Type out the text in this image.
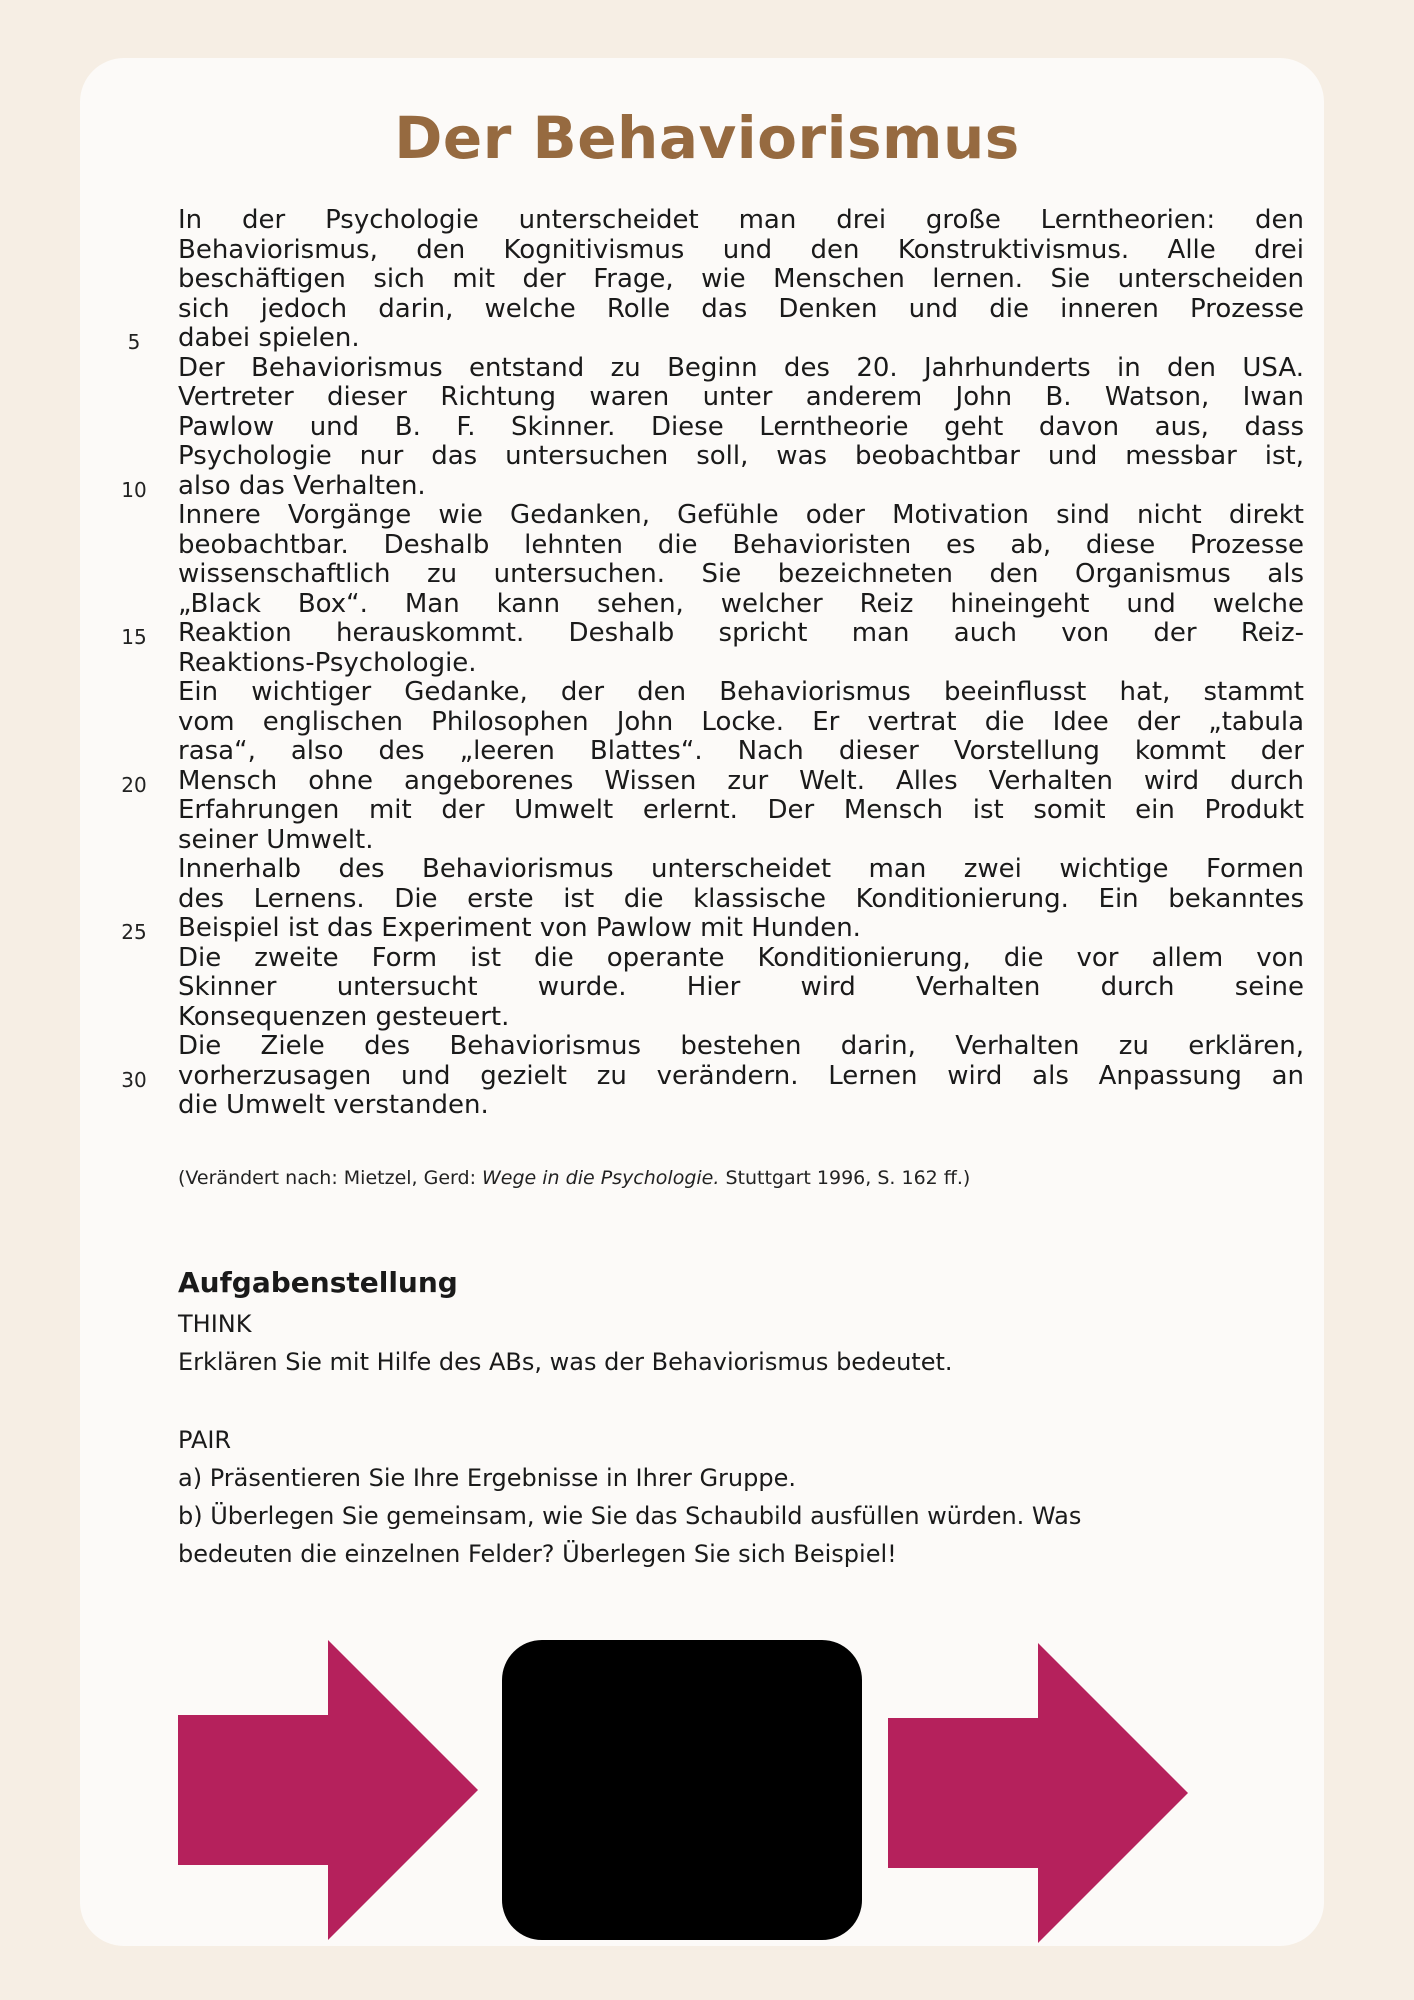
Der Behaviorismus
In der Psychologie unterscheidet man drei große Lerntheorien: den
Behaviorismus, den Kognitivismus und den Konstruktivismus. Alle drei
beschäftigen sich mit der Frage, wie Menschen lernen. Sie unterscheiden
sich jedoch darin, welche Rolle das Denken und die inneren Prozesse
dabei spielen.
Der Behaviorismus entstand zu Beginn des 20. Jahrhunderts in den USA.
Vertreter dieser Richtung waren unter anderem John B. Watson, Iwan
Pawlow und B. F. Skinner. Diese Lerntheorie geht davon aus, dass
Psychologie nur das untersuchen soll, was beobachtbar und messbar ist,
also das Verhalten.
Innere Vorgänge wie Gedanken, Gefühle oder Motivation sind nicht direkt
beobachtbar. Deshalb lehnten die Behavioristen es ab, diese Prozesse
wissenschaftlich zu untersuchen. Sie bezeichneten den Organismus als
„Black Box“. Man kann sehen, welcher Reiz hineingeht und welche
Reaktion herauskommt. Deshalb spricht man auch von der Reiz-
Reaktions-Psychologie.
Ein wichtiger Gedanke, der den Behaviorismus beeinflusst hat, stammt
vom englischen Philosophen John Locke. Er vertrat die Idee der „tabula
rasa“, also des „leeren Blattes“. Nach dieser Vorstellung kommt der
Mensch ohne angeborenes Wissen zur Welt. Alles Verhalten wird durch
Erfahrungen mit der Umwelt erlernt. Der Mensch ist somit ein Produkt
seiner Umwelt.
Innerhalb des Behaviorismus unterscheidet man zwei wichtige Formen
des Lernens. Die erste ist die klassische Konditionierung. Ein bekanntes
Beispiel ist das Experiment von Pawlow mit Hunden.
Die zweite Form ist die operante Konditionierung, die vor allem von
Skinner untersucht wurde. Hier wird Verhalten durch seine
Konsequenzen gesteuert.
Die Ziele des Behaviorismus bestehen darin, Verhalten zu erklären,
vorherzusagen und gezielt zu verändern. Lernen wird als Anpassung an
die Umwelt verstanden.
5
10
15
20
25
30
(Verändert nach: Mietzel, Gerd: Wege in die Psychologie. Stuttgart 1996, S. 162 ff.)
Aufgabenstellung
THINK
Erklären Sie mit Hilfe des ABs, was der Behaviorismus bedeutet.
PAIR
a) Präsentieren Sie Ihre Ergebnisse in Ihrer Gruppe.
b) Überlegen Sie gemeinsam, wie Sie das Schaubild ausfüllen würden. Was
bedeuten die einzelnen Felder? Überlegen Sie sich Beispiel!
